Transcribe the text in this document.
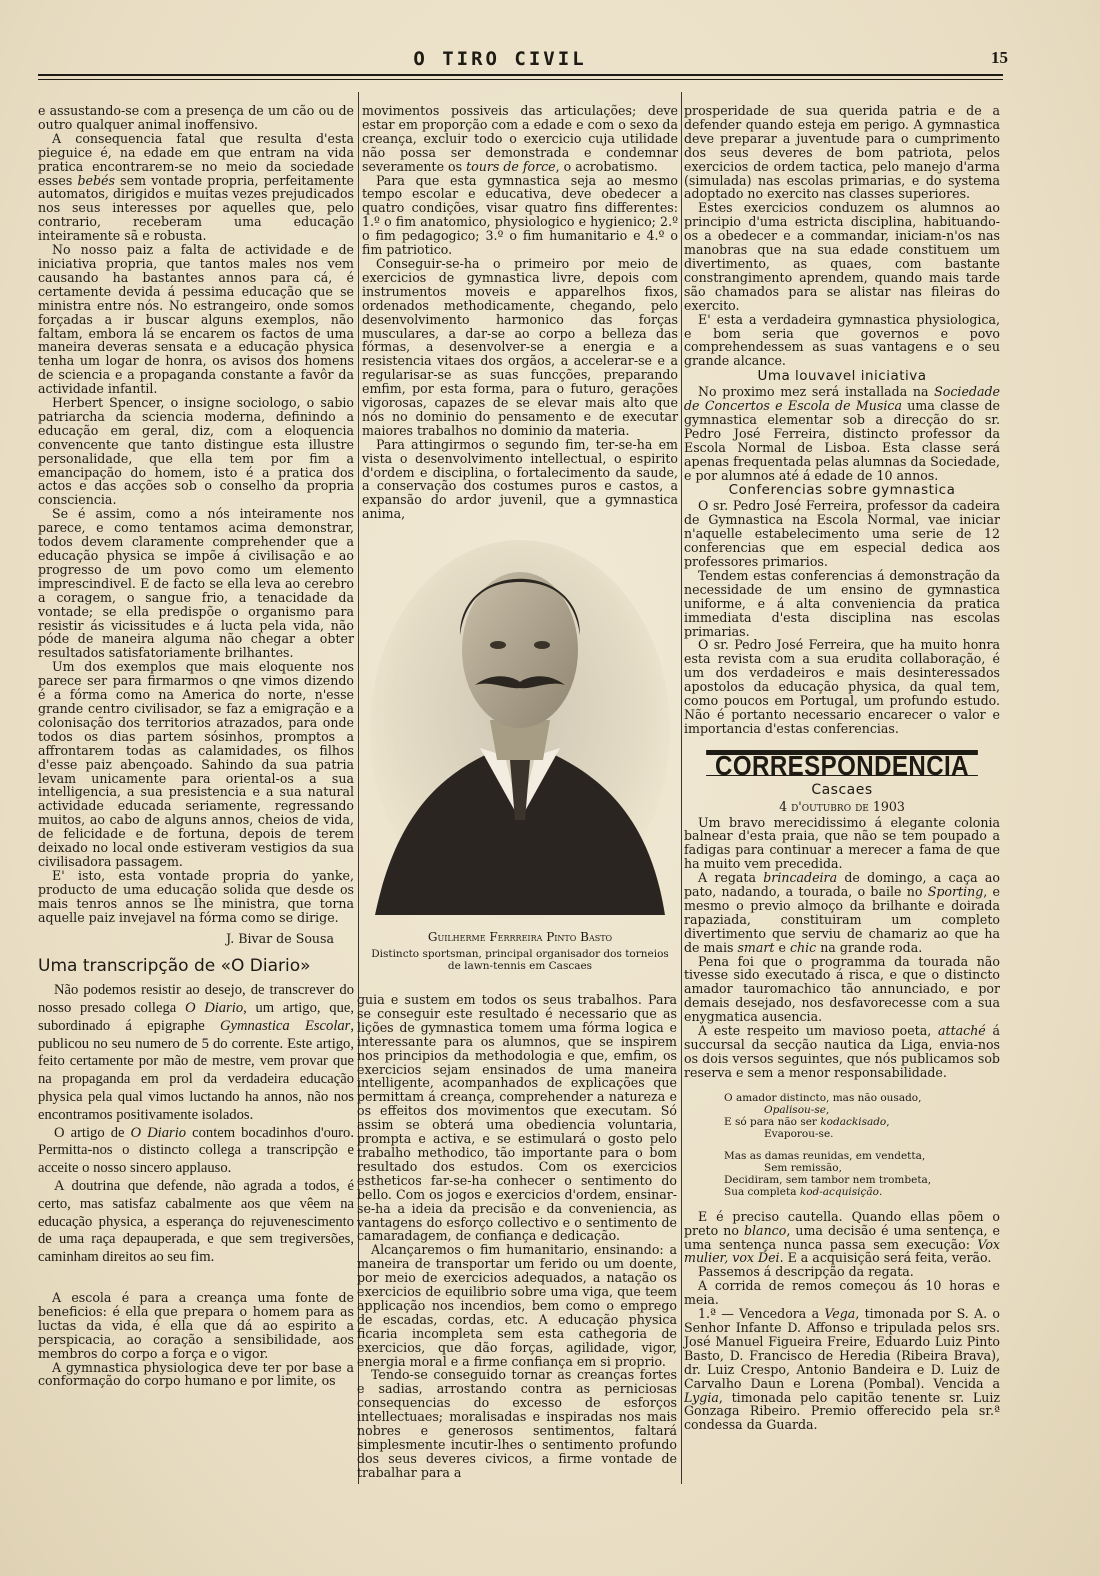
O TIRO CIVIL	15

e assustando-se com a presença de um cão ou de outro qualquer animal inoffensivo.

A consequencia fatal que resulta d'esta pieguice é, na edade em que entram na vida pratica encontrarem-se no meio da sociedade esses bebés sem vontade propria, perfeitamente automatos, dirigidos e muitas vezes prejudicados nos seus interesses por aquelles que, pelo contrario, receberam uma educação inteiramente sã e robusta.

No nosso paiz a falta de actividade e de iniciativa propria, que tantos males nos vem causando ha bastantes annos para cá, é certamente devida á pessima educação que se ministra entre nós. No estrangeiro, onde somos forçadas a ir buscar alguns exemplos, não faltam, embora lá se encarem os factos de uma maneira deveras sensata e a educação physica tenha um logar de honra, os avisos dos homens de sciencia e a propaganda constante a favôr da actividade infantil.

Herbert Spencer, o insigne sociologo, o sabio patriarcha da sciencia moderna, definindo a educação em geral, diz, com a eloquencia convencente que tanto distingue esta illustre personalidade, que ella tem por fim a emancipação do homem, isto é a pratica dos actos e das acções sob o conselho da propria consciencia.

Se é assim, como a nós inteiramente nos parece, e como tentamos acima demonstrar, todos devem claramente comprehender que a educação physica se impõe á civilisação e ao progresso de um povo como um elemento imprescindivel. E de facto se ella leva ao cerebro a coragem, o sangue frio, a tenacidade da vontade; se ella predispõe o organismo para resistir ás vicissitudes e á lucta pela vida, não póde de maneira alguma não chegar a obter resultados satisfatoriamente brilhantes.

Um dos exemplos que mais eloquente nos parece ser para firmarmos o qne vimos dizendo é a fórma como na America do norte, n'esse grande centro civilisador, se faz a emigração e a colonisação dos territorios atrazados, para onde todos os dias partem sósinhos, promptos a affrontarem todas as calamidades, os filhos d'esse paiz abençoado. Sahindo da sua patria levam unicamente para oriental-os a sua intelligencia, a sua presistencia e a sua natural actividade educada seriamente, regressando muitos, ao cabo de alguns annos, cheios de vida, de felicidade e de fortuna, depois de terem deixado no local onde estiveram vestigios da sua civilisadora passagem.

E' isto, esta vontade propria do yanke, producto de uma educação solida que desde os mais tenros annos se lhe ministra, que torna aquelle paiz invejavel na fórma como se dirige.

J. Bivar de Sousa
Uma transcripção de «O Diario»

Não podemos resistir ao desejo, de transcrever do nosso presado collega O Diario, um artigo, que, subordinado á epigraphe Gymnastica Escolar, publicou no seu numero de 5 do corrente. Este artigo, feito certamente por mão de mestre, vem provar que na propaganda em prol da verdadeira educação physica pela qual vimos luctando ha annos, não nos encontramos positivamente isolados.

O artigo de O Diario contem bocadinhos d'ouro. Permitta-nos o distincto collega a transcripção e acceite o nosso sincero applauso.

A doutrina que defende, não agrada a todos, é certo, mas satisfaz cabalmente aos que vêem na educação physica, a esperança do rejuvenescimento de uma raça depauperada, e que sem tregiversões, caminham direitos ao seu fim.

A escola é para a creança uma fonte de beneficios: é ella que prepara o homem para as luctas da vida, é ella que dá ao espirito a perspicacia, ao coração a sensibilidade, aos membros do corpo a força e o vigor.

A gymnastica physiologica deve ter por base a conformação do corpo humano e por limite, os

movimentos possiveis das articulações; deve estar em proporção com a edade e com o sexo da creança, excluir todo o exercicio cuja utilidade não possa ser demonstrada e condemnar severamente os tours de force, o acrobatismo.

Para que esta gymnastica seja ao mesmo tempo escolar e educativa, deve obedecer a quatro condições, visar quatro fins differentes: 1.º o fim anatomico, physiologico e hygienico; 2.º o fim pedagogico; 3.º o fim humanitario e 4.º o fim patriotico.

Conseguir-se-ha o primeiro por meio de exercicios de gymnastica livre, depois com instrumentos moveis e apparelhos fixos, ordenados methodicamente, chegando, pelo desenvolvimento harmonico das forças musculares, a dar-se ao corpo a belleza das fórmas, a desenvolver-se a energia e a resistencia vitaes dos orgãos, a accelerar-se e a regularisar-se as suas funcções, preparando emfim, por esta forma, para o futuro, gerações vigorosas, capazes de se elevar mais alto que nós no dominio do pensamento e de executar maiores trabalhos no dominio da materia.

Para attingirmos o segundo fim, ter-se-ha em vista o desenvolvimento intellectual, o espirito d'ordem e disciplina, o fortalecimento da saude, a conservação dos costumes puros e castos, a expansão do ardor juvenil, que a gymnastica anima,

Guilherme Ferrreira Pinto Basto
Distincto sportsman, principal organisador dos torneios de lawn-tennis em Cascaes

guia e sustem em todos os seus trabalhos. Para se conseguir este resultado é necessario que as lições de gymnastica tomem uma fórma logica e interessante para os alumnos, que se inspirem nos principios da methodologia e que, emfim, os exercicios sejam ensinados de uma maneira intelligente, acompanhados de explicações que permittam á creança, comprehender a natureza e os effeitos dos movimentos que executam. Só assim se obterá uma obediencia voluntaria, prompta e activa, e se estimulará o gosto pelo trabalho methodico, tão importante para o bom resultado dos estudos. Com os exercicios estheticos far-se-ha conhecer o sentimento do bello. Com os jogos e exercicios d'ordem, ensinar-se-ha a ideia da precisão e da conveniencia, as vantagens do esforço collectivo e o sentimento de camaradagem, de confiança e dedicação.

Alcançaremos o fim humanitario, ensinando: a maneira de transportar um ferido ou um doente, por meio de exercicios adequados, a natação os exercicios de equilibrio sobre uma viga, que teem applicação nos incendios, bem como o emprego de escadas, cordas, etc. A educação physica ficaria incompleta sem esta cathegoria de exercicios, que dão forças, agilidade, vigor, energia moral e a firme confiança em si proprio.

Tendo-se conseguido tornar as creanças fortes e sadias, arrostando contra as perniciosas consequencias do excesso de esforços intellectuaes; moralisadas e inspiradas nos mais nobres e generosos sentimentos, faltará simplesmente incutir-lhes o sentimento profundo dos seus deveres civicos, a firme vontade de trabalhar para a

prosperidade de sua querida patria e de a defender quando esteja em perigo. A gymnastica deve preparar a juventude para o cumprimento dos seus deveres de bom patriota, pelos exercicios de ordem tactica, pelo manejo d'arma (simulada) nas escolas primarias, e do systema adoptado no exercito nas classes superiores.

Estes exercicios conduzem os alumnos ao principio d'uma estricta disciplina, habituando-os a obedecer e a commandar, iniciam-n'os nas manobras que na sua edade constituem um divertimento, as quaes, com bastante constrangimento aprendem, quando mais tarde são chamados para se alistar nas fileiras do exercito.

E' esta a verdadeira gymnastica physiologica, e bom seria que governos e povo comprehendessem as suas vantagens e o seu grande alcance.

Uma louvavel iniciativa

No proximo mez será installada na Sociedade de Concertos e Escola de Musica uma classe de gymnastica elementar sob a direcção do sr. Pedro José Ferreira, distincto professor da Escola Normal de Lisboa. Esta classe será apenas frequentada pelas alumnas da Sociedade, e por alumnos até á edade de 10 annos.

Conferencias sobre gymnastica

O sr. Pedro José Ferreira, professor da cadeira de Gymnastica na Escola Normal, vae iniciar n'aquelle estabelecimento uma serie de 12 conferencias que em especial dedica aos professores primarios.

Tendem estas conferencias á demonstração da necessidade de um ensino de gymnastica uniforme, e á alta conveniencia da pratica immediata d'esta disciplina nas escolas primarias.

O sr. Pedro José Ferreira, que ha muito honra esta revista com a sua erudita collaboração, é um dos verdadeiros e mais desinteressados apostolos da educação physica, da qual tem, como poucos em Portugal, um profundo estudo. Não é portanto necessario encarecer o valor e importancia d'estas conferencias.

CORRESPONDENCIA
Cascaes
4 d'outubro de 1903

Um bravo merecidissimo á elegante colonia balnear d'esta praia, que não se tem poupado a fadigas para continuar a merecer a fama de que ha muito vem precedida.

A regata brincadeira de domingo, a caça ao pato, nadando, a tourada, o baile no Sporting, e mesmo o previo almoço da brilhante e doirada rapaziada, constituiram um completo divertimento que serviu de chamariz ao que ha de mais smart e chic na grande roda.

Pena foi que o programma da tourada não tivesse sido executado á risca, e que o distincto amador tauromachico tão annunciado, e por demais desejado, nos desfavorecesse com a sua enygmatica ausencia.

A este respeito um mavioso poeta, attaché á succursal da secção nautica da Liga, envia-nos os dois versos seguintes, que nós publicamos sob reserva e sem a menor responsabilidade.

O amador distincto, mas não ousado,
Opalisou-se,
E só para não ser kodackisado,
Evaporou-se.
Mas as damas reunidas, em vendetta,
Sem remissão,
Decidiram, sem tambor nem trombeta,
Sua completa kod-acquisição.

E é preciso cautella. Quando ellas põem o preto no blanco, uma decisão é uma sentença, e uma sentença nunca passa sem execução: Vox mulier, vox Dei. E a acquisição será feita, verão.

Passemos á descripção da regata.

A corrida de remos começou ás 10 horas e meia.

1.ª — Vencedora a Vega, timonada por S. A. o Senhor Infante D. Affonso e tripulada pelos srs. José Manuel Figueira Freire, Eduardo Luiz Pinto Basto, D. Francisco de Heredia (Ribeira Brava), dr. Luiz Crespo, Antonio Bandeira e D. Luiz de Carvalho Daun e Lorena (Pombal). Vencida a Lygia, timonada pelo capitão tenente sr. Luiz Gonzaga Ribeiro. Premio offerecido pela sr.ª condessa da Guarda.
